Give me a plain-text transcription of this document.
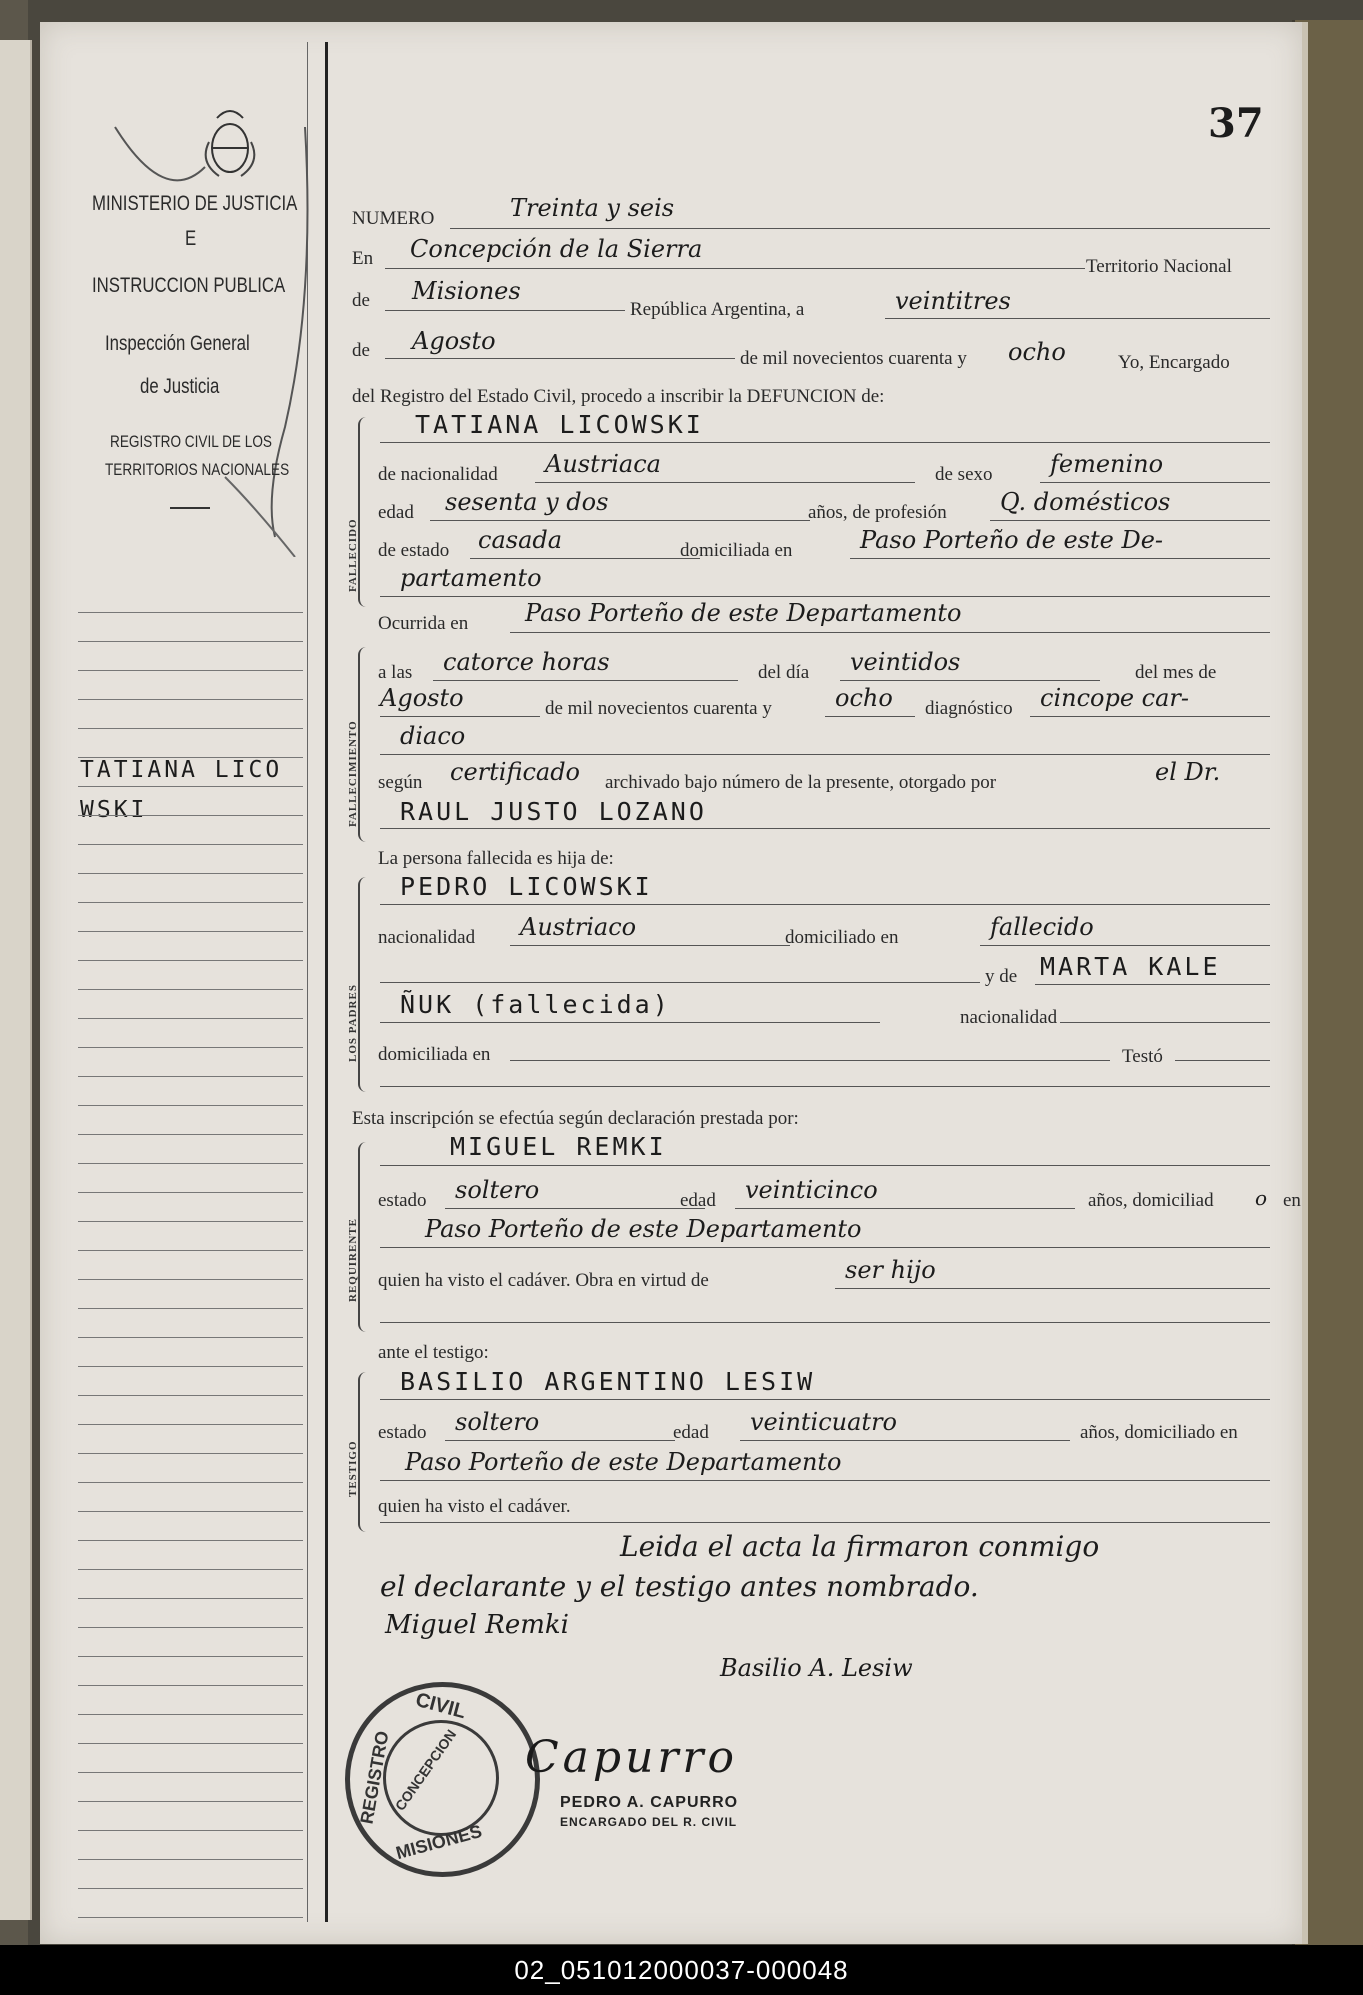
MINISTERIO DE JUSTICIA
E
INSTRUCCION PUBLICA
Inspección General
de Justicia
REGISTRO CIVIL DE LOS
TERRITORIOS NACIONALES
TATIANA LICO
WSKI
37
NUMERO	Treinta y seis
En Concepción de la Sierra
Territorio Nacional
de Misiones
República Argentina, a	veintitres
de Agosto
de mil novecientos cuarenta y ocho	Yo, Encargado
del Registro del Estado Civil, procedo a inscribir la DEFUNCION de:
FALLECIDO
TATIANA LICOWSKI
de nacionalidad Austriaca	de sexo femenino
edad sesenta y dos	años, de profesión Q. domésticos
de estado casada	domiciliada en	Paso Porteño de este De-
partamento
Ocurrida en Paso Porteño de este Departamento
FALLECIMIENTO
a las catorce horas	del día veintidos	del mes de
Agosto	de mil novecientos cuarenta y	ocho diagnóstico cincope car-
diaco
según certificado archivado bajo número de la presente, otorgado por	el Dr.
RAUL JUSTO LOZANO
La persona fallecida es hija de:
LOS PADRES
PEDRO LICOWSKI
nacionalidad Austriaco	domiciliado en	fallecido
y de MARTA KALE
ÑUK (fallecida)	nacionalidad
domiciliada en	Testó
Esta inscripción se efectúa según declaración prestada por:
REQUIRENTE
MIGUEL REMKI
estado soltero	edad veinticinco	años, domiciliad o en
Paso Porteño de este Departamento
quien ha visto el cadáver. Obra en virtud de	ser hijo
ante el testigo:
TESTIGO
BASILIO ARGENTINO LESIW
estado soltero	edad veinticuatro	años, domiciliado en
Paso Porteño de este Departamento
quien ha visto el cadáver.
Leida el acta la firmaron conmigo
el declarante y el testigo antes nombrado.
Miguel Remki
Basilio A. Lesiw
CIVIL
REGISTRO
MISIONES
CONCEPCION Capurro
PEDRO A. CAPURRO
ENCARGADO DEL R. CIVIL
02_051012000037-000048
